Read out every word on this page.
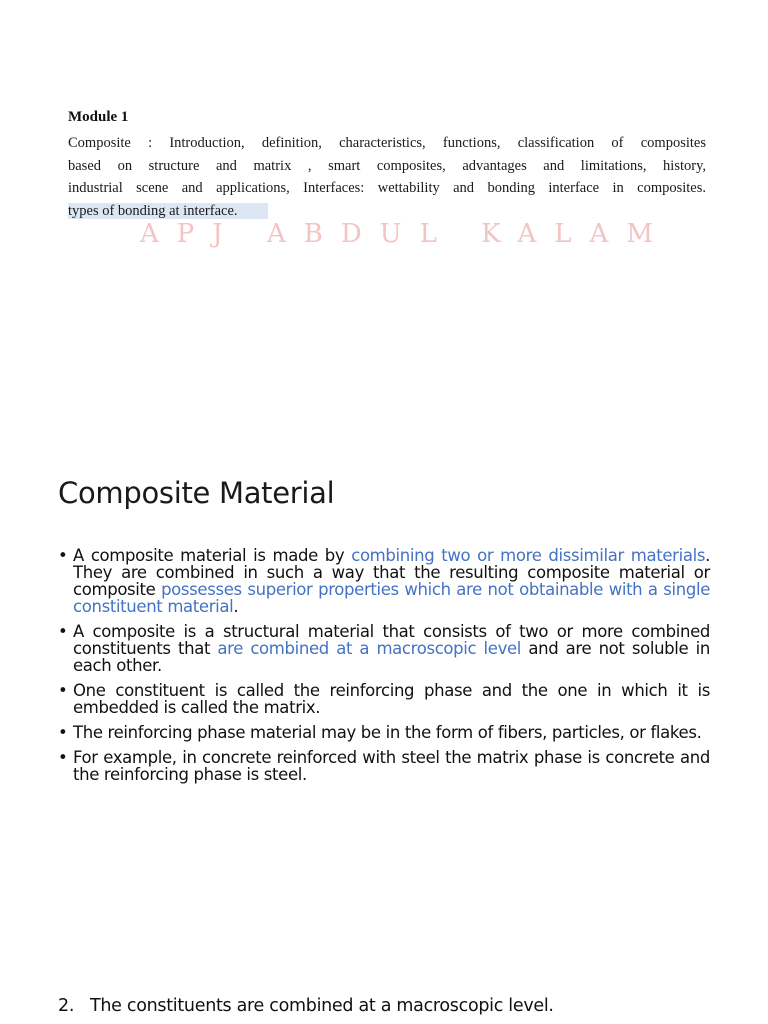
Module 1
Composite : Introduction, definition, characteristics, functions, classification of composites
based on structure and matrix , smart composites, advantages and limitations, history,
industrial scene and applications, Interfaces: wettability and bonding interface in composites.
types of bonding at interface.
APJ ABDUL KALAM
Composite Material
• A composite material is made by combining two or more dissimilar materials. They are combined in such a way that the resulting composite material or composite possesses superior properties which are not obtainable with a single constituent material.
• A composite is a structural material that consists of two or more combined constituents that are combined at a macroscopic level and are not soluble in each other.
• One constituent is called the reinforcing phase and the one in which it is embedded is called the matrix.
• The reinforcing phase material may be in the form of fibers, particles, or flakes.
• For example, in concrete reinforced with steel the matrix phase is concrete and the reinforcing phase is steel.
2. The constituents are combined at a macroscopic level.
